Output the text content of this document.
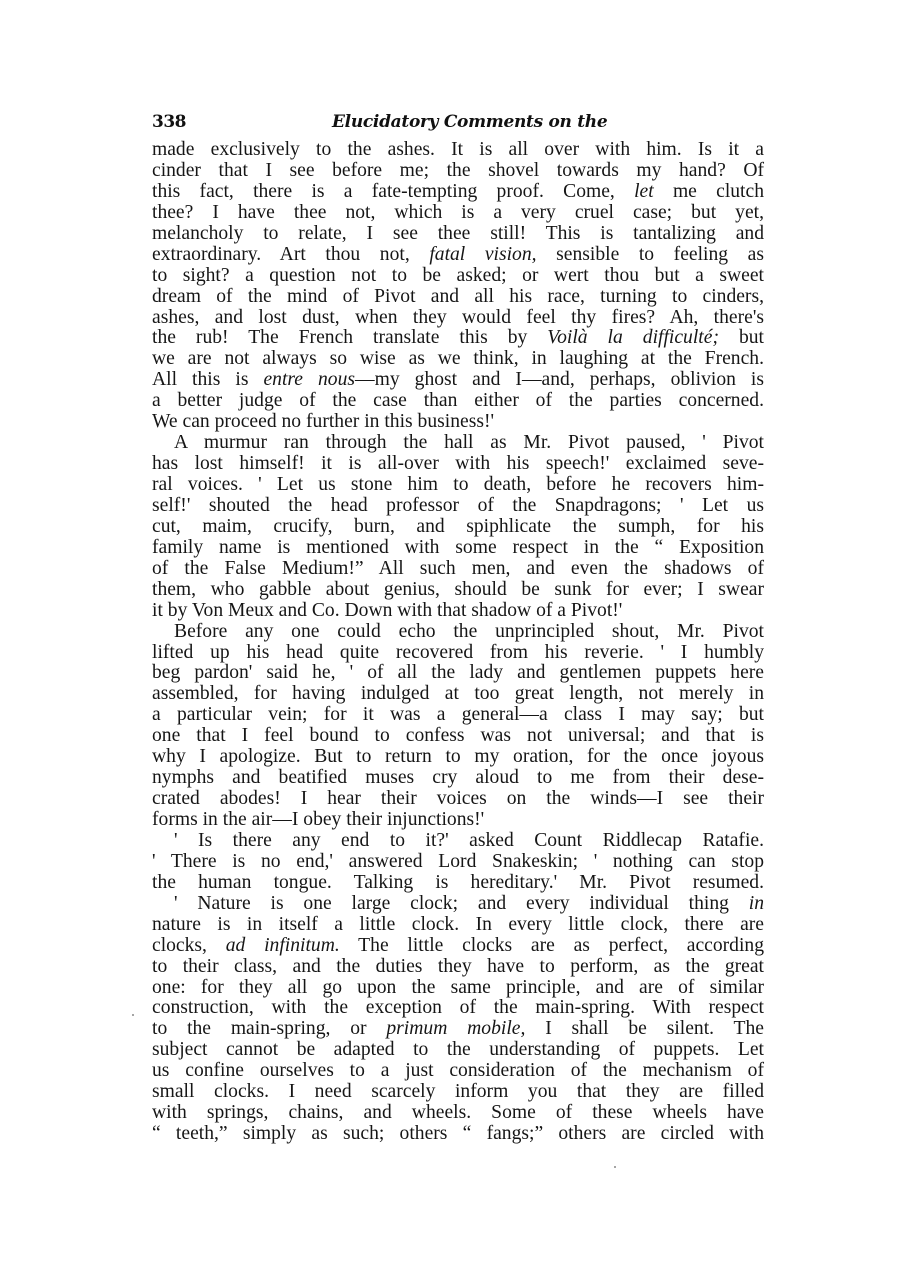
338	Elucidatory Comments on the
made exclusively to the ashes. It is all over with him. Is it a
cinder that I see before me; the shovel towards my hand? Of
this fact, there is a fate-tempting proof. Come, let me clutch
thee? I have thee not, which is a very cruel case; but yet,
melancholy to relate, I see thee still! This is tantalizing and
extraordinary. Art thou not, fatal vision, sensible to feeling as
to sight? a question not to be asked; or wert thou but a sweet
dream of the mind of Pivot and all his race, turning to cinders,
ashes, and lost dust, when they would feel thy fires? Ah, there's
the rub! The French translate this by Voilà la difficulté; but
we are not always so wise as we think, in laughing at the French.
All this is entre nous—my ghost and I—and, perhaps, oblivion is
a better judge of the case than either of the parties concerned.
We can proceed no further in this business!'
A murmur ran through the hall as Mr. Pivot paused, ' Pivot
has lost himself! it is all-over with his speech!' exclaimed seve-
ral voices. ' Let us stone him to death, before he recovers him-
self!' shouted the head professor of the Snapdragons; ' Let us
cut, maim, crucify, burn, and spiphlicate the sumph, for his
family name is mentioned with some respect in the “ Exposition
of the False Medium!” All such men, and even the shadows of
them, who gabble about genius, should be sunk for ever; I swear
it by Von Meux and Co. Down with that shadow of a Pivot!'
Before any one could echo the unprincipled shout, Mr. Pivot
lifted up his head quite recovered from his reverie. ' I humbly
beg pardon' said he, ' of all the lady and gentlemen puppets here
assembled, for having indulged at too great length, not merely in
a particular vein; for it was a general—a class I may say; but
one that I feel bound to confess was not universal; and that is
why I apologize. But to return to my oration, for the once joyous
nymphs and beatified muses cry aloud to me from their dese-
crated abodes! I hear their voices on the winds—I see their
forms in the air—I obey their injunctions!'
' Is there any end to it?' asked Count Riddlecap Ratafie.
' There is no end,' answered Lord Snakeskin; ' nothing can stop
the human tongue. Talking is hereditary.' Mr. Pivot resumed.
' Nature is one large clock; and every individual thing in
nature is in itself a little clock. In every little clock, there are
clocks, ad infinitum. The little clocks are as perfect, according
to their class, and the duties they have to perform, as the great
one: for they all go upon the same principle, and are of similar
construction, with the exception of the main-spring. With respect
to the main-spring, or primum mobile, I shall be silent. The
subject cannot be adapted to the understanding of puppets. Let
us confine ourselves to a just consideration of the mechanism of
small clocks. I need scarcely inform you that they are filled
with springs, chains, and wheels. Some of these wheels have
“ teeth,” simply as such; others “ fangs;” others are circled with
